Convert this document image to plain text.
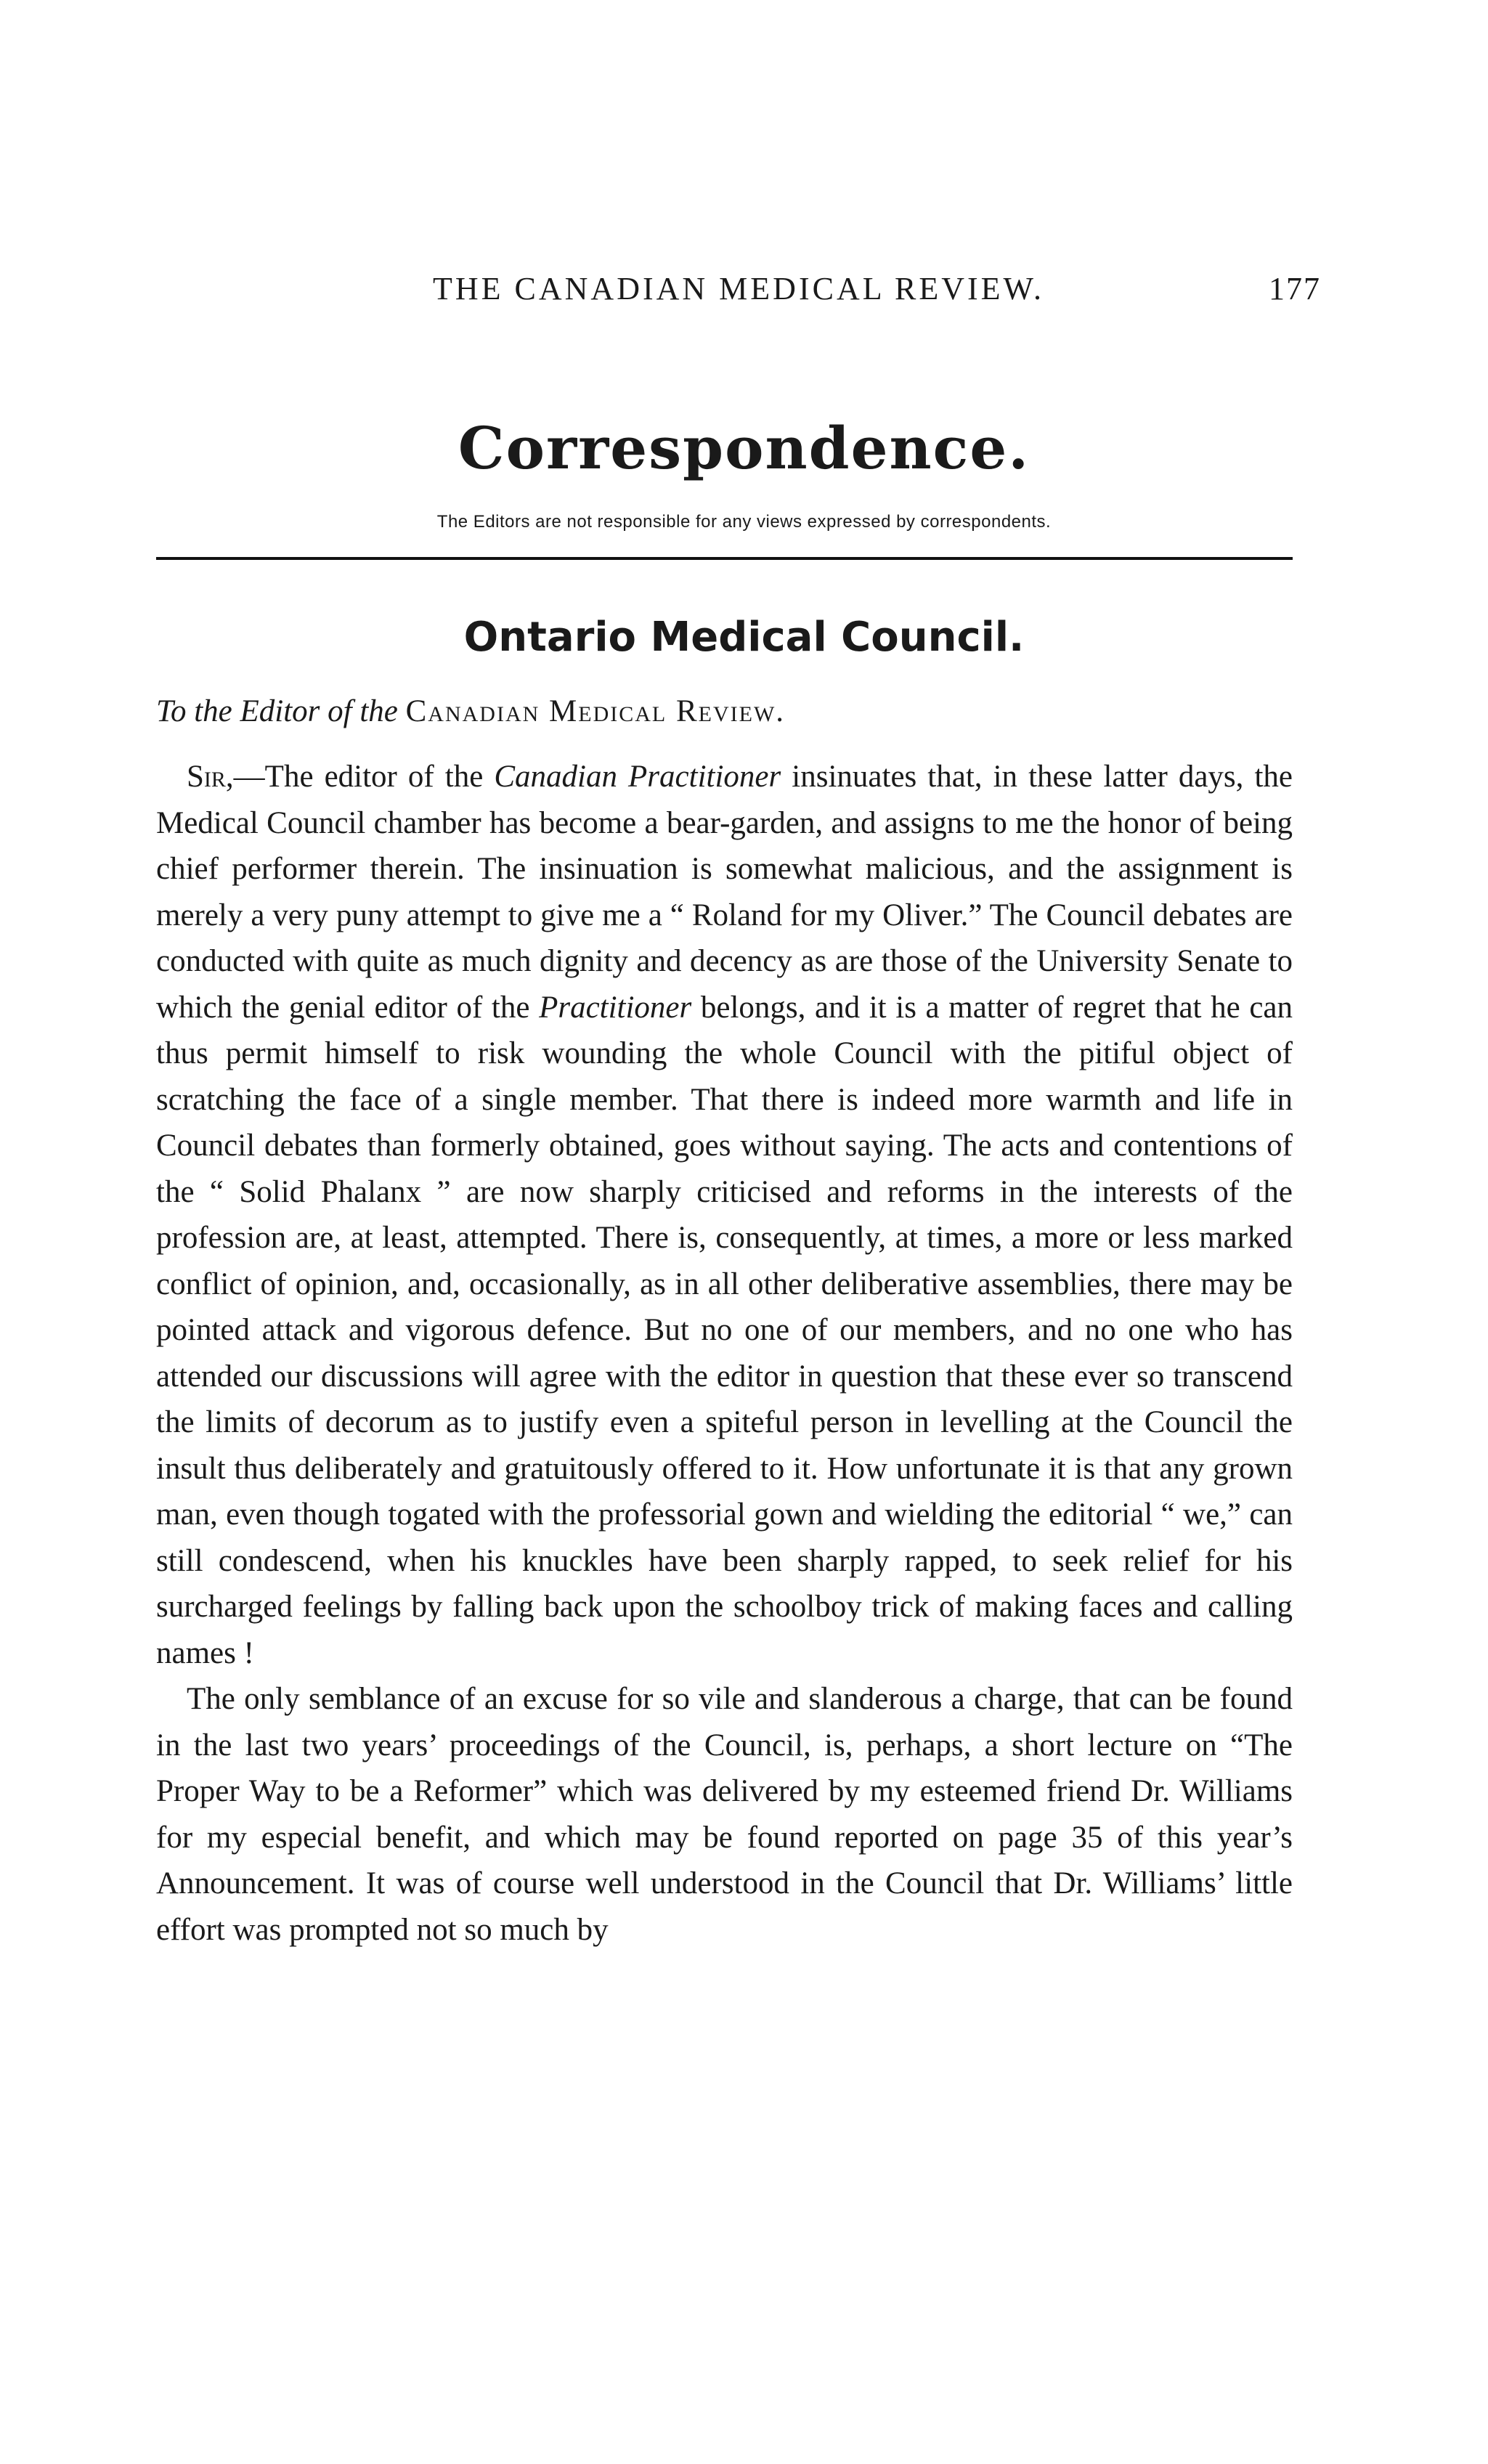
THE CANADIAN MEDICAL REVIEW.	177
Correspondence.
The Editors are not responsible for any views expressed by correspondents.
Ontario Medical Council.
To the Editor of the Canadian Medical Review.

Sir,—The editor of the Canadian Practitioner insinuates that, in these latter days, the Medical Council chamber has become a bear-garden, and assigns to me the honor of being chief performer therein. The insinuation is somewhat malicious, and the assignment is merely a very puny attempt to give me a “ Roland for my Oliver.” The Council debates are conducted with quite as much dignity and decency as are those of the University Senate to which the genial editor of the Practitioner belongs, and it is a matter of regret that he can thus permit himself to risk wounding the whole Council with the pitiful object of scratching the face of a single member. That there is indeed more warmth and life in Council debates than formerly obtained, goes without saying. The acts and contentions of the “ Solid Phalanx ” are now sharply criticised and reforms in the interests of the profession are, at least, attempted. There is, consequently, at times, a more or less marked conflict of opinion, and, occasionally, as in all other deliberative assemblies, there may be pointed attack and vigorous defence. But no one of our members, and no one who has attended our discussions will agree with the editor in question that these ever so transcend the limits of decorum as to justify even a spiteful person in levelling at the Council the insult thus deliberately and gratuitously offered to it. How unfortunate it is that any grown man, even though togated with the professorial gown and wielding the editorial “ we,” can still condescend, when his knuckles have been sharply rapped, to seek relief for his surcharged feelings by falling back upon the schoolboy trick of making faces and calling names !

The only semblance of an excuse for so vile and slanderous a charge, that can be found in the last two years’ proceedings of the Council, is, perhaps, a short lecture on “The Proper Way to be a Reformer” which was delivered by my esteemed friend Dr. Williams for my especial benefit, and which may be found reported on page 35 of this year’s Announcement. It was of course well understood in the Council that Dr. Williams’ little effort was prompted not so much by
